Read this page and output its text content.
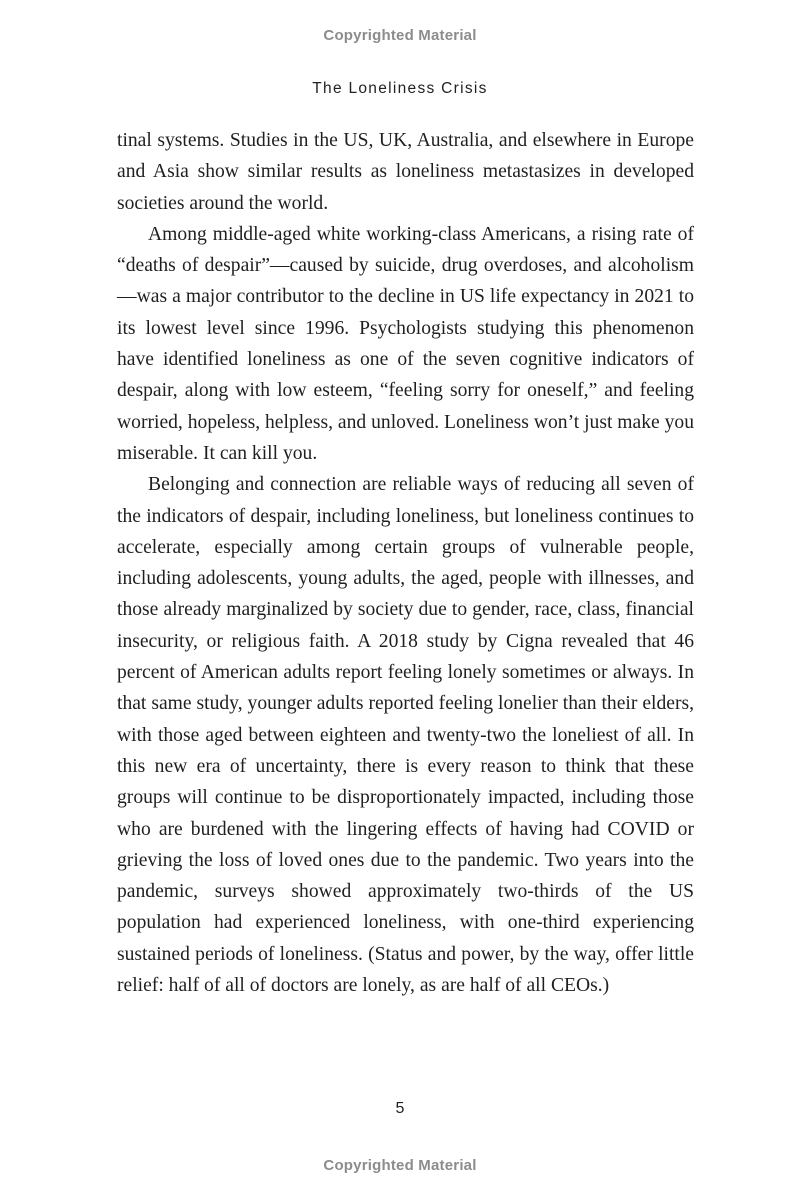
Copyrighted Material
The Loneliness Crisis

tinal systems. Studies in the US, UK, Australia, and elsewhere in Europe and Asia show similar results as loneliness metastasizes in developed societies around the world.

Among middle-aged white working-class Americans, a rising rate of “deaths of despair”—caused by suicide, drug overdoses, and alcoholism—was a major contributor to the decline in US life expectancy in 2021 to its lowest level since 1996. Psychologists studying this phenomenon have identified loneliness as one of the seven cognitive indicators of despair, along with low esteem, “feeling sorry for oneself,” and feeling worried, hopeless, helpless, and unloved. Loneliness won’t just make you miserable. It can kill you.

Belonging and connection are reliable ways of reducing all seven of the indicators of despair, including loneliness, but loneliness continues to accelerate, especially among certain groups of vulnerable people, including adolescents, young adults, the aged, people with illnesses, and those already marginalized by society due to gender, race, class, financial insecurity, or religious faith. A 2018 study by Cigna revealed that 46 percent of American adults report feeling lonely sometimes or always. In that same study, younger adults reported feeling lonelier than their elders, with those aged between eighteen and twenty-two the loneliest of all. In this new era of uncertainty, there is every reason to think that these groups will continue to be disproportionately impacted, including those who are burdened with the lingering effects of having had COVID or grieving the loss of loved ones due to the pandemic. Two years into the pandemic, surveys showed approximately two-thirds of the US population had experienced loneliness, with one-third experiencing sustained periods of loneliness. (Status and power, by the way, offer little relief: half of all of doctors are lonely, as are half of all CEOs.)

5
Copyrighted Material
